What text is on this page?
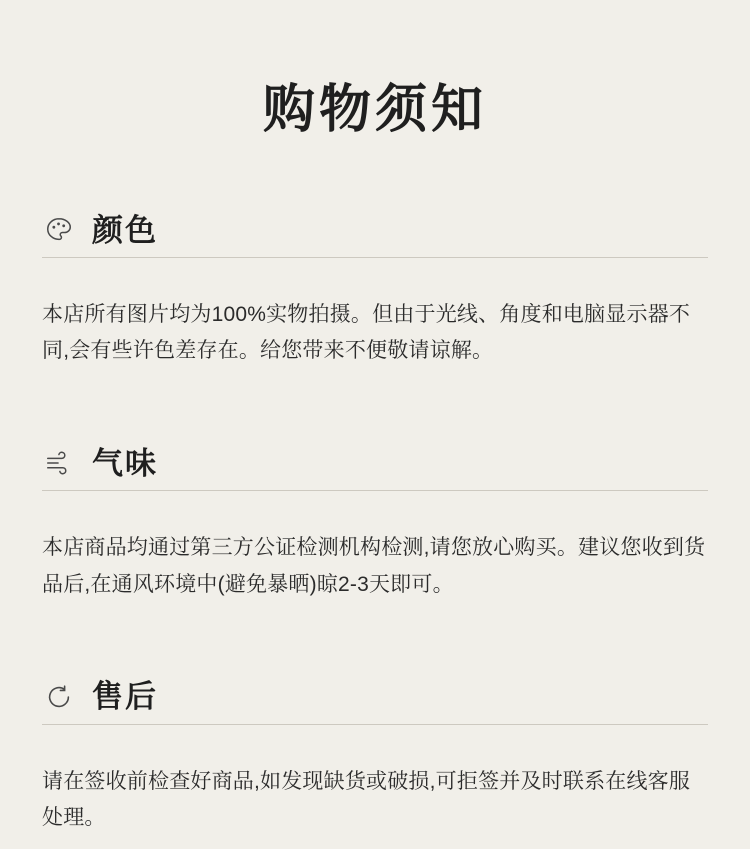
购物须知
颜色

本店所有图片均为100%实物拍摄。但由于光线、角度和电脑显示器不同,会有些许色差存在。给您带来不便敬请谅解。

气味

本店商品均通过第三方公证检测机构检测,请您放心购买。建议您收到货品后,在通风环境中(避免暴晒)晾2-3天即可。

售后

请在签收前检查好商品,如发现缺货或破损,可拒签并及时联系在线客服处理。
